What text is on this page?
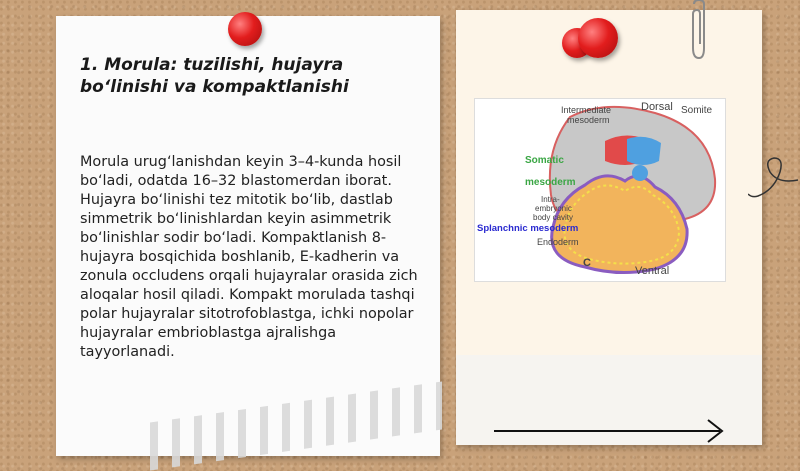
1. Morula: tuzilishi, hujayra bo‘linishi va kompaktlanishi

Morula urug‘lanishdan keyin 3–4-kunda hosil bo‘ladi, odatda 16–32 blastomerdan iborat. Hujayra bo‘linishi tez mitotik bo‘lib, dastlab simmetrik bo‘linishlardan keyin asimmetrik bo‘linishlar sodir bo‘ladi. Kompaktlanish 8-hujayra bosqichida boshlanib, E-kadherin va zonula occludens orqali hujayralar orasida zich aloqalar hosil qiladi. Kompakt morulada tashqi polar hujayralar sitotrofoblastga, ichki nopolar hujayralar embrioblastga ajralishga tayyorlanadi.

Intermediate
mesoderm
Dorsal Somite
Somatic
mesoderm
Intra-
embryonic
body cavity
Splanchnic mesoderm
Endoderm
C
Ventral
